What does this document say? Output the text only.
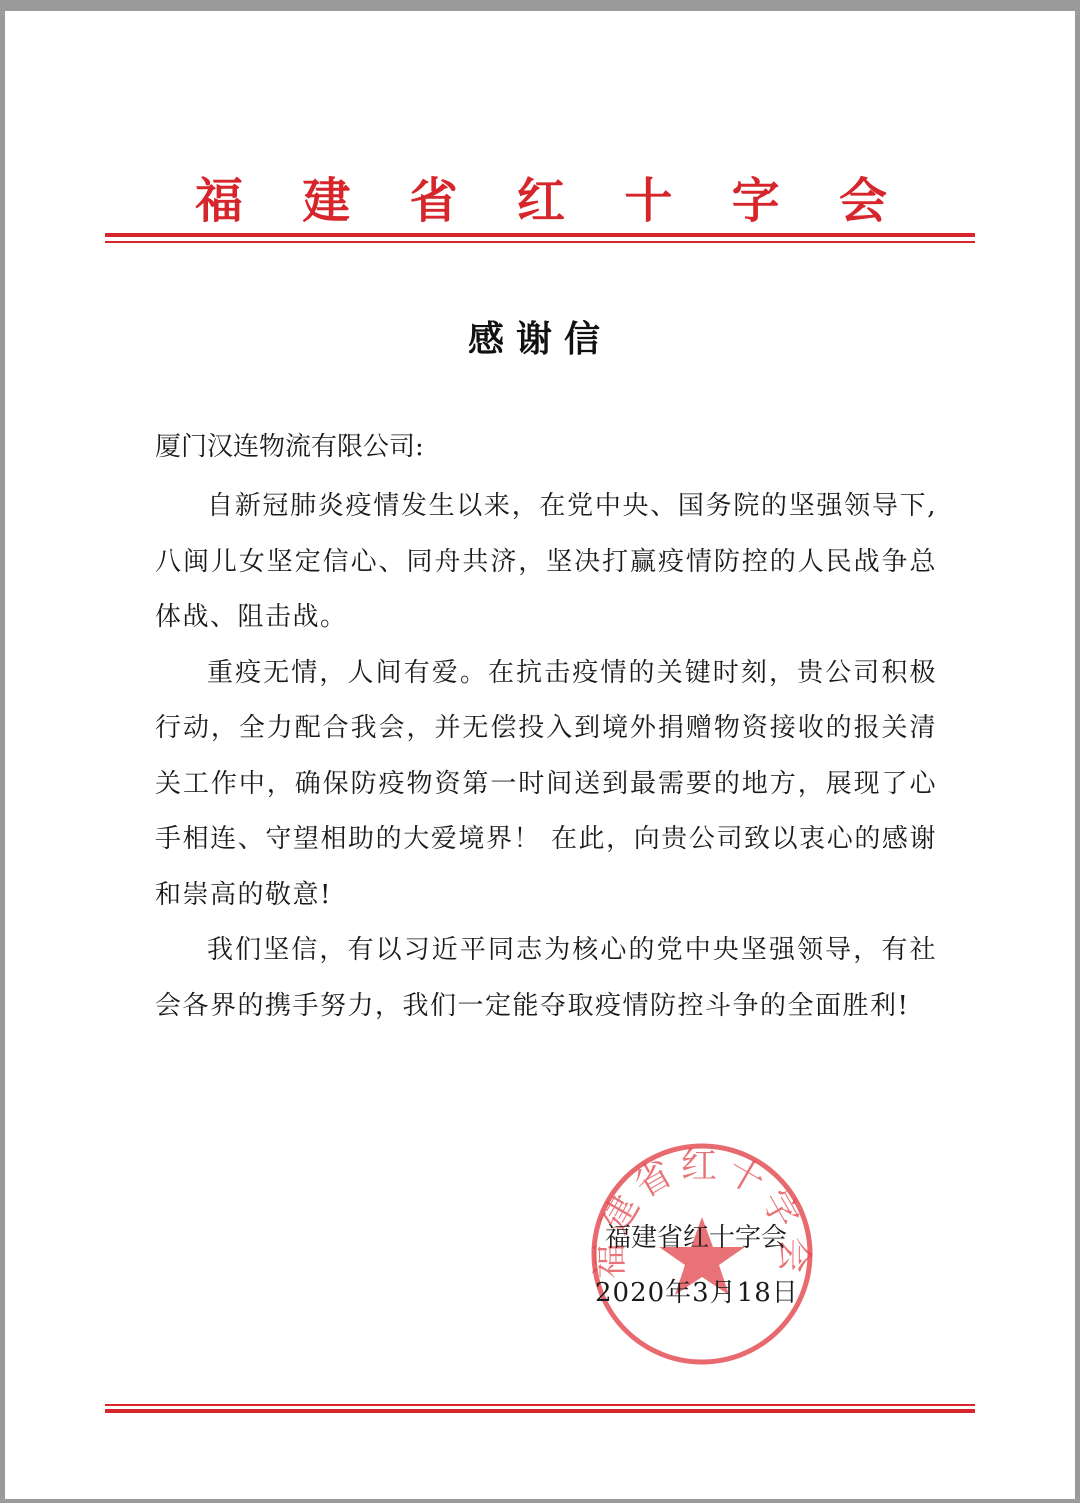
福 建 省 红 十 字 会
感谢信
厦门汉连物流有限公司:

自新冠肺炎疫情发生以来，在党中央、国务院的坚强领导下,八闽儿女坚定信心、同舟共济，坚决打赢疫情防控的人民战争总体战、阻击战。

重疫无情，人间有爱。在抗击疫情的关键时刻，贵公司积极行动，全力配合我会，并无偿投入到境外捐赠物资接收的报关清关工作中，确保防疫物资第一时间送到最需要的地方，展现了心手相连、守望相助的大爱境界！ 在此，向贵公司致以衷心的感谢和崇高的敬意!

我们坚信，有以习近平同志为核心的党中央坚强领导，有社会各界的携手努力，我们一定能夺取疫情防控斗争的全面胜利!

福建省红十字会
福建省红十字会
2020年3月18日
